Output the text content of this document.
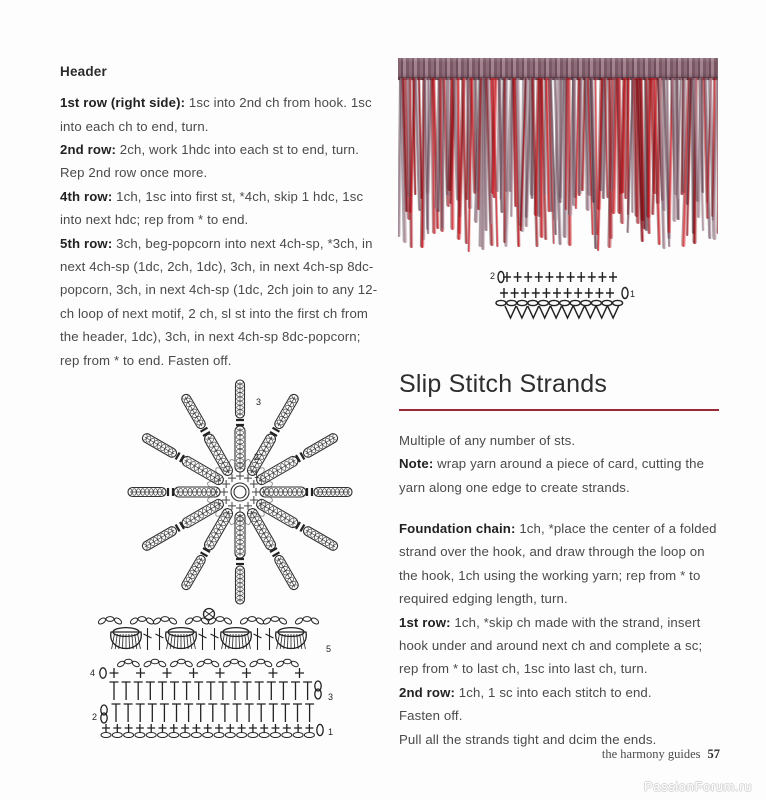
Header

1st row (right side): 1sc into 2nd ch from hook. 1sc into each ch to end, turn.

2nd row: 2ch, work 1hdc into each st to end, turn. Rep 2nd row once more.

4th row: 1ch, 1sc into first st, *4ch, skip 1 hdc, 1sc into next hdc; rep from * to end.

5th row: 3ch, beg-popcorn into next 4ch-sp, *3ch, in next 4ch-sp (1dc, 2ch, 1dc), 3ch, in next 4ch-sp 8dc-popcorn, 3ch, in next 4ch-sp (1dc, 2ch join to any 12-ch loop of next motif, 2 ch, sl st into the first ch from the header, 1dc), 3ch, in next 4ch-sp 8dc-popcorn; rep from * to end. Fasten off.

2
1
3
2
1
5
4
3
2
1
Slip Stitch Strands

Multiple of any number of sts.

Note: wrap yarn around a piece of card, cutting the yarn along one edge to create strands.

Foundation chain: 1ch, *place the center of a folded strand over the hook, and draw through the loop on the hook, 1ch using the working yarn; rep from * to required edging length, turn.

1st row: 1ch, *skip ch made with the strand, insert hook under and around next ch and complete a sc; rep from * to last ch, 1sc into last ch, turn.

2nd row: 1ch, 1 sc into each stitch to end.

Fasten off.

Pull all the strands tight and dcim the ends.

the harmony guides 57
PassionForum.ru
